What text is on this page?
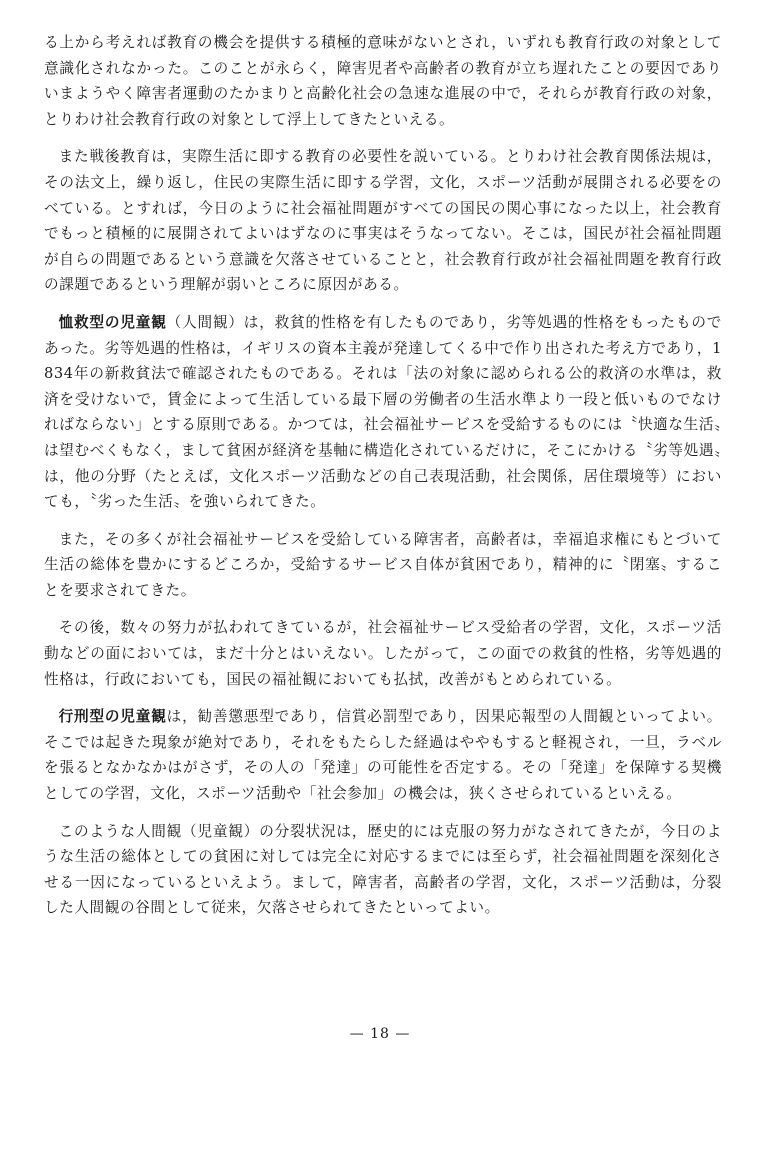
る上から考えれば教育の機会を提供する積極的意味がないとされ，いずれも教育行政の対象として意識化されなかった。このことが永らく，障害児者や高齢者の教育が立ち遅れたことの要因でありいまようやく障害者運動のたかまりと高齢化社会の急速な進展の中で，それらが教育行政の対象，とりわけ社会教育行政の対象として浮上してきたといえる。

また戦後教育は，実際生活に即する教育の必要性を説いている。とりわけ社会教育関係法規は，その法文上，繰り返し，住民の実際生活に即する学習，文化，スポーツ活動が展開される必要をのべている。とすれば，今日のように社会福祉問題がすべての国民の関心事になった以上，社会教育でもっと積極的に展開されてよいはずなのに事実はそうなってない。そこは，国民が社会福祉問題が自らの問題であるという意識を欠落させていることと，社会教育行政が社会福祉問題を教育行政の課題であるという理解が弱いところに原因がある。

恤救型の児童観（人間観）は，救貧的性格を有したものであり，劣等処遇的性格をもったものであった。劣等処遇的性格は，イギリスの資本主義が発達してくる中で作り出された考え方であり，1834年の新救貧法で確認されたものである。それは「法の対象に認められる公的救済の水準は，救済を受けないで，賃金によって生活している最下層の労働者の生活水準より一段と低いものでなければならない」とする原則である。かつては，社会福祉サービスを受給するものには〝快適な生活〟は望むべくもなく，まして貧困が経済を基軸に構造化されているだけに，そこにかける〝劣等処遇〟は，他の分野（たとえば，文化スポーツ活動などの自己表現活動，社会関係，居住環境等）においても，〝劣った生活〟を強いられてきた。

また，その多くが社会福祉サービスを受給している障害者，高齢者は，幸福追求権にもとづいて生活の総体を豊かにするどころか，受給するサービス自体が貧困であり，精神的に〝閉塞〟することを要求されてきた。

その後，数々の努力が払われてきているが，社会福祉サービス受給者の学習，文化，スポーツ活動などの面においては，まだ十分とはいえない。したがって，この面での救貧的性格，劣等処遇的性格は，行政においても，国民の福祉観においても払拭，改善がもとめられている。

行刑型の児童観は，勧善懲悪型であり，信賞必罰型であり，因果応報型の人間観といってよい。そこでは起きた現象が絶対であり，それをもたらした経過はややもすると軽視され，一旦，ラベルを張るとなかなかはがさず，その人の「発達」の可能性を否定する。その「発達」を保障する契機としての学習，文化，スポーツ活動や「社会参加」の機会は，狭くさせられているといえる。

このような人間観（児童観）の分裂状況は，歴史的には克服の努力がなされてきたが，今日のような生活の総体としての貧困に対しては完全に対応するまでには至らず，社会福祉問題を深刻化させる一因になっているといえよう。まして，障害者，高齢者の学習，文化，スポーツ活動は，分裂した人間観の谷間として従来，欠落させられてきたといってよい。

— 18 —
